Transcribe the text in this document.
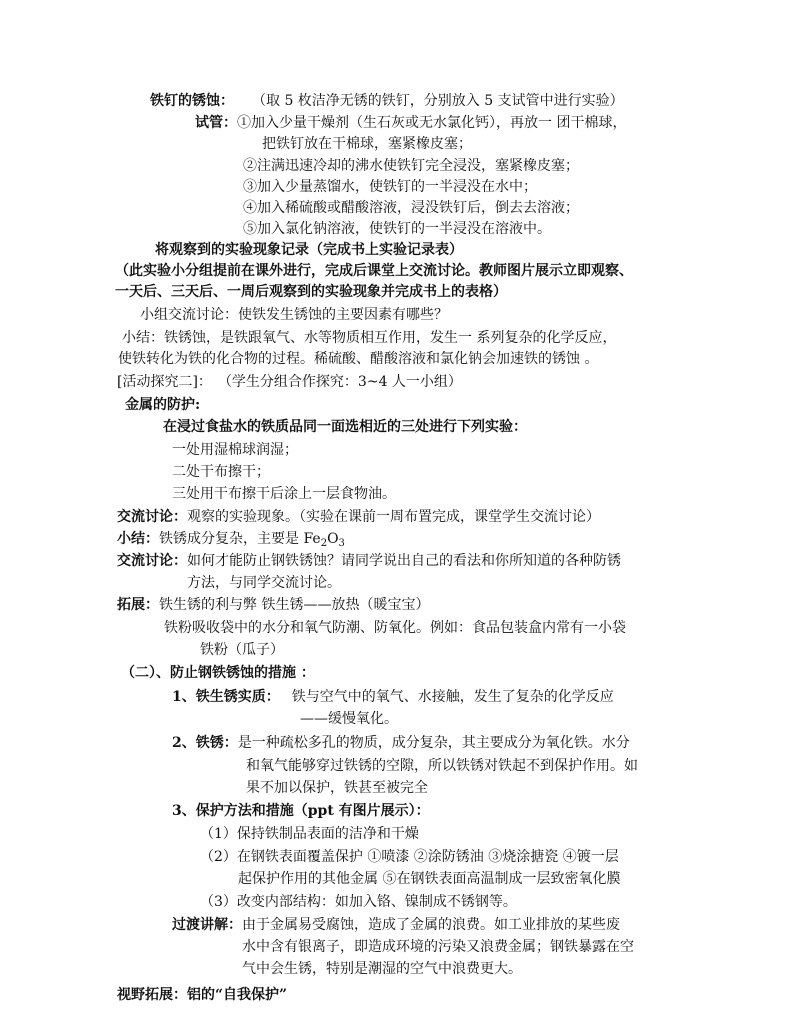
铁钉的锈蚀： （取 5 枚洁净无锈的铁钉，分别放入 5 支试管中进行实验）
试管：①加入少量干燥剂（生石灰或无水氯化钙），再放一 团干棉球，
把铁钉放在干棉球，塞紧橡皮塞；
②注满迅速冷却的沸水使铁钉完全浸没，塞紧橡皮塞；
③加入少量蒸馏水，使铁钉的一半浸没在水中；
④加入稀硫酸或醋酸溶液，浸没铁钉后，倒去去溶液；
⑤加入氯化钠溶液，使铁钉的一半浸没在溶液中。
将观察到的实验现象记录（完成书上实验记录表）
（此实验小分组提前在课外进行，完成后课堂上交流讨论。教师图片展示立即观察、
一天后、三天后、一周后观察到的实验现象并完成书上的表格）
小组交流讨论：使铁发生锈蚀的主要因素有哪些？
小结：铁锈蚀，是铁跟氧气、水等物质相互作用，发生一 系列复杂的化学反应，
使铁转化为铁的化合物的过程。稀硫酸、醋酸溶液和氯化钠会加速铁的锈蚀 。
[活动探究二]： （学生分组合作探究：3~4 人一小组）
金属的防护:
在浸过食盐水的铁质品同一面选相近的三处进行下列实验：
一处用湿棉球润湿；
二处干布擦干；
三处用干布擦干后涂上一层食物油。
交流讨论：观察的实验现象。（实验在课前一周布置完成，课堂学生交流讨论）
小结：铁锈成分复杂，主要是 $Fe_2O_3$
交流讨论：如何才能防止钢铁锈蚀？请同学说出自己的看法和你所知道的各种防锈
方法，与同学交流讨论。
拓展：铁生锈的利与弊 铁生锈——放热（暖宝宝）
铁粉吸收袋中的水分和氧气防潮、防氧化。例如：食品包装盒内常有一小袋
铁粉（瓜子）
（二）、防止钢铁锈蚀的措施 ：
1、铁生锈实质： 铁与空气中的氧气、水接触，发生了复杂的化学反应
——缓慢氧化。
2、铁锈：是一种疏松多孔的物质，成分复杂，其主要成分为氧化铁。水分
和氧气能够穿过铁锈的空隙，所以铁锈对铁起不到保护作用。如
果不加以保护，铁甚至被完全
3、保护方法和措施（ppt 有图片展示）：
（1）保持铁制品表面的洁净和干燥
（2）在钢铁表面覆盖保护 ①喷漆 ②涂防锈油 ③烧涂搪瓷 ④镀一层
起保护作用的其他金属 ⑤在钢铁表面高温制成一层致密氧化膜
（3）改变内部结构：如加入铬、镍制成不锈钢等。
过渡讲解：由于金属易受腐蚀，造成了金属的浪费。如工业排放的某些废
水中含有银离子，即造成环境的污染又浪费金属；钢铁暴露在空
气中会生锈，特别是潮湿的空气中浪费更大。
视野拓展：铝的“自我保护”
